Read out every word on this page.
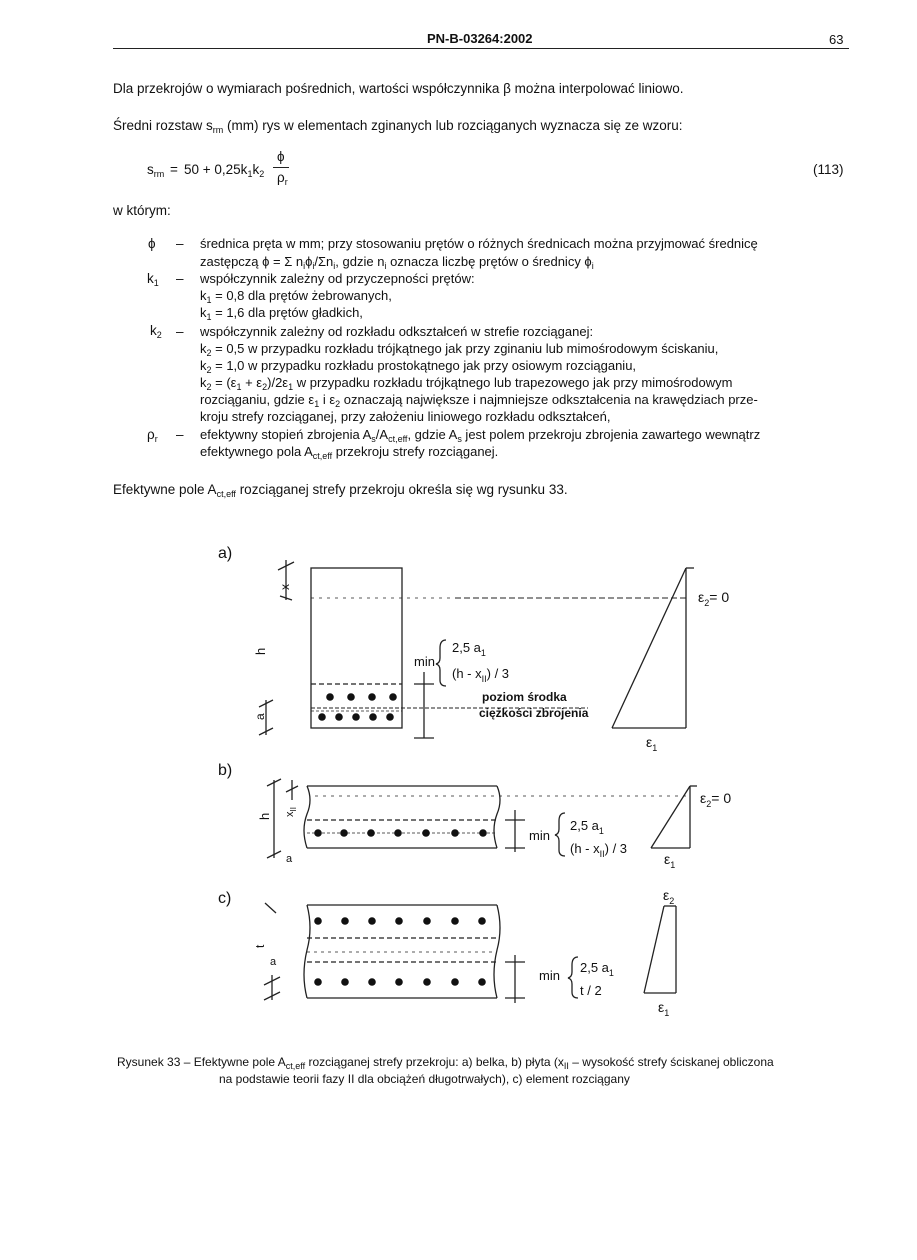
PN-B-03264:2002	63
Dla przekrojów o wymiarach pośrednich, wartości współczynnika β można interpolować liniowo.
Średni rozstaw $s_{rm}$ (mm) rys w elementach zginanych lub rozciąganych wyznacza się ze wzoru:
$s_{rm} = 50 + 0,25k_1k_2$
ϕ
$\rho_r$
(113)
w którym:
ϕ – średnica pręta w mm; przy stosowaniu prętów o różnych średnicach można przyjmować średnicę
zastępczą ϕ = Σ $n_i\phi_i/\Sigma n_i$, gdzie $n_i$ oznacza liczbę prętów o średnicy $\phi_i$
$k_1$ – współczynnik zależny od przyczepności prętów:
$k_1 = 0,8$ dla prętów żebrowanych,
$k_1 = 1,6$ dla prętów gładkich,
$k_2$ – współczynnik zależny od rozkładu odkształceń w strefie rozciąganej:
$k_2 = 0,5$ w przypadku rozkładu trójkątnego jak przy zginaniu lub mimośrodowym ściskaniu,
$k_2 = 1,0$ w przypadku rozkładu prostokątnego jak przy osiowym rozciąganiu,
$k_2 = (\varepsilon_1 + \varepsilon_2)/2\varepsilon_1$ w przypadku rozkładu trójkątnego lub trapezowego jak przy mimośrodowym
rozciąganiu, gdzie $\varepsilon_1$ i $\varepsilon_2$ oznaczają największe i najmniejsze odkształcenia na krawędziach prze-
kroju strefy rozciąganej, przy założeniu liniowego rozkładu odkształceń,
$\rho_r$ – efektywny stopień zbrojenia $A_s/A_{ct,eff}$, gdzie $A_s$ jest polem przekroju zbrojenia zawartego wewnątrz
efektywnego pola $A_{ct,eff}$ przekroju strefy rozciąganej.
Efektywne pole $A_{ct,eff}$ rozciąganej strefy przekroju określa się wg rysunku 33.
a)
x
h
a
min
2,5 $a_1$
$(h - x_{II}) / 3$
poziom środka
ciężkości zbrojenia
$\varepsilon_2= 0$
$\varepsilon_1$
b)
h $x_{II}$
a
min
2,5 $a_1$
$(h - x_{II}) / 3$
$\varepsilon_2= 0$
$\varepsilon_1$
c)
t
a
min
2,5 $a_1$
t / 2
$\varepsilon_2$
$\varepsilon_1$
Rysunek 33 – Efektywne pole $A_{ct,eff}$ rozciąganej strefy przekroju: a) belka, b) płyta ($x_{II}$ – wysokość strefy ściskanej obliczona
na podstawie teorii fazy II dla obciążeń długotrwałych), c) element rozciągany
